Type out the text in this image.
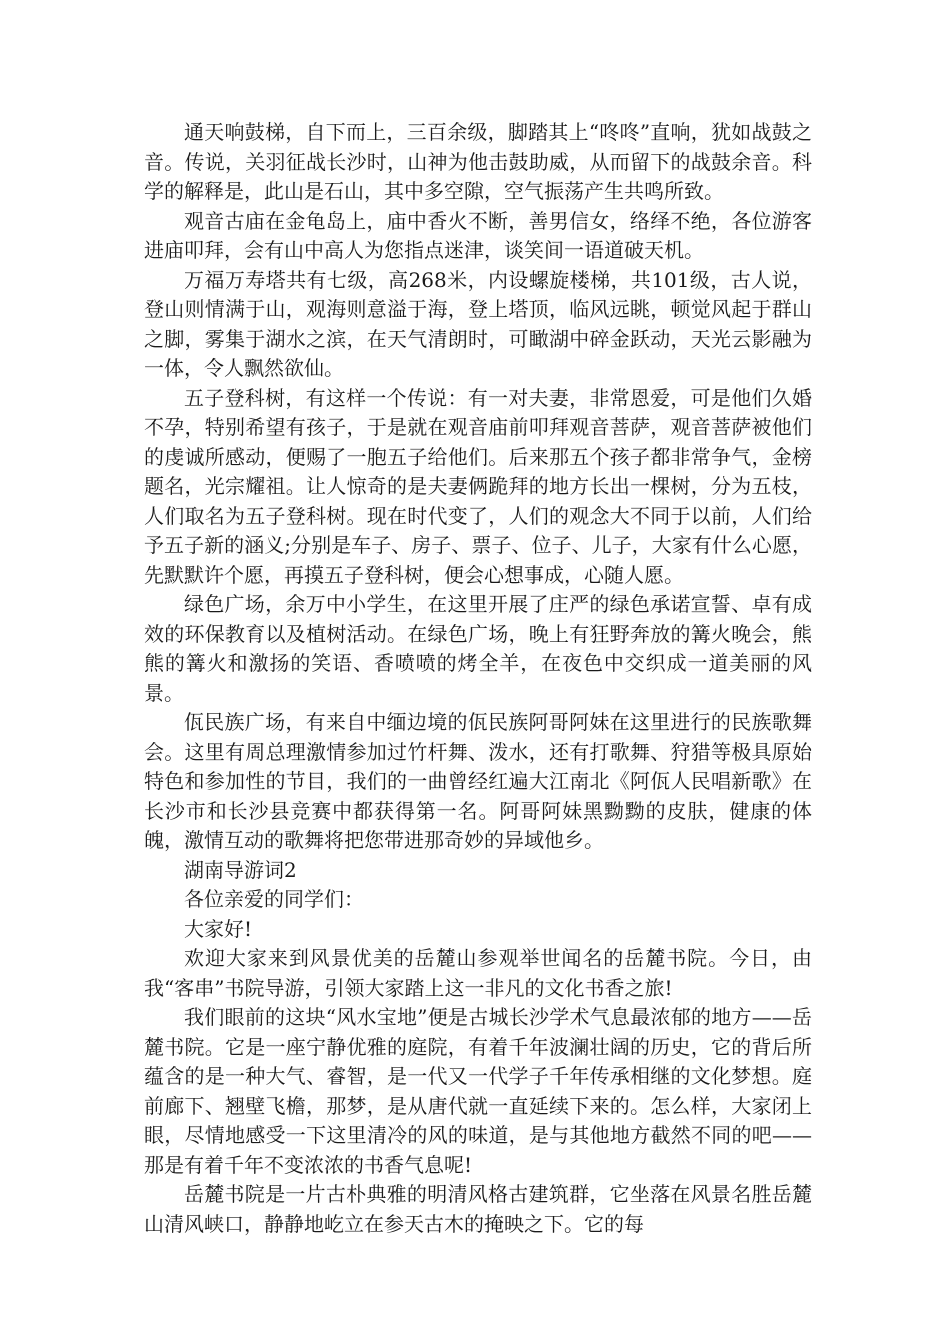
通天响鼓梯，自下而上，三百余级，脚踏其上“咚咚”直响，犹如战鼓之音。传说，关羽征战长沙时，山神为他击鼓助威，从而留下的战鼓余音。科学的解释是，此山是石山，其中多空隙，空气振荡产生共鸣所致。

观音古庙在金龟岛上，庙中香火不断，善男信女，络绎不绝，各位游客进庙叩拜，会有山中高人为您指点迷津，谈笑间一语道破天机。

万福万寿塔共有七级，高268米，内设螺旋楼梯，共101级，古人说，登山则情满于山，观海则意溢于海，登上塔顶，临风远眺，顿觉风起于群山之脚，雾集于湖水之滨，在天气清朗时，可瞰湖中碎金跃动，天光云影融为一体，令人飘然欲仙。

五子登科树，有这样一个传说：有一对夫妻，非常恩爱，可是他们久婚不孕，特别希望有孩子，于是就在观音庙前叩拜观音菩萨，观音菩萨被他们的虔诚所感动，便赐了一胞五子给他们。后来那五个孩子都非常争气，金榜题名，光宗耀祖。让人惊奇的是夫妻俩跪拜的地方长出一棵树，分为五枝，人们取名为五子登科树。现在时代变了，人们的观念大不同于以前，人们给予五子新的涵义;分别是车子、房子、票子、位子、儿子，大家有什么心愿，先默默许个愿，再摸五子登科树，便会心想事成，心随人愿。

绿色广场，余万中小学生，在这里开展了庄严的绿色承诺宣誓、卓有成效的环保教育以及植树活动。在绿色广场，晚上有狂野奔放的篝火晚会，熊熊的篝火和激扬的笑语、香喷喷的烤全羊，在夜色中交织成一道美丽的风景。

佤民族广场，有来自中缅边境的佤民族阿哥阿妹在这里进行的民族歌舞会。这里有周总理激情参加过竹杆舞、泼水，还有打歌舞、狩猎等极具原始特色和参加性的节目，我们的一曲曾经红遍大江南北《阿佤人民唱新歌》在长沙市和长沙县竞赛中都获得第一名。阿哥阿妹黑黝黝的皮肤，健康的体魄，激情互动的歌舞将把您带进那奇妙的异域他乡。

湖南导游词2

各位亲爱的同学们：

大家好!

欢迎大家来到风景优美的岳麓山参观举世闻名的岳麓书院。今日，由我“客串”书院导游，引领大家踏上这一非凡的文化书香之旅!

我们眼前的这块“风水宝地”便是古城长沙学术气息最浓郁的地方——岳麓书院。它是一座宁静优雅的庭院，有着千年波澜壮阔的历史，它的背后所蕴含的是一种大气、睿智，是一代又一代学子千年传承相继的文化梦想。庭前廊下、翘壁飞檐，那梦，是从唐代就一直延续下来的。怎么样，大家闭上眼，尽情地感受一下这里清冷的风的味道，是与其他地方截然不同的吧——那是有着千年不变浓浓的书香气息呢!

岳麓书院是一片古朴典雅的明清风格古建筑群，它坐落在风景名胜岳麓山清风峡口，静静地屹立在参天古木的掩映之下。它的每
